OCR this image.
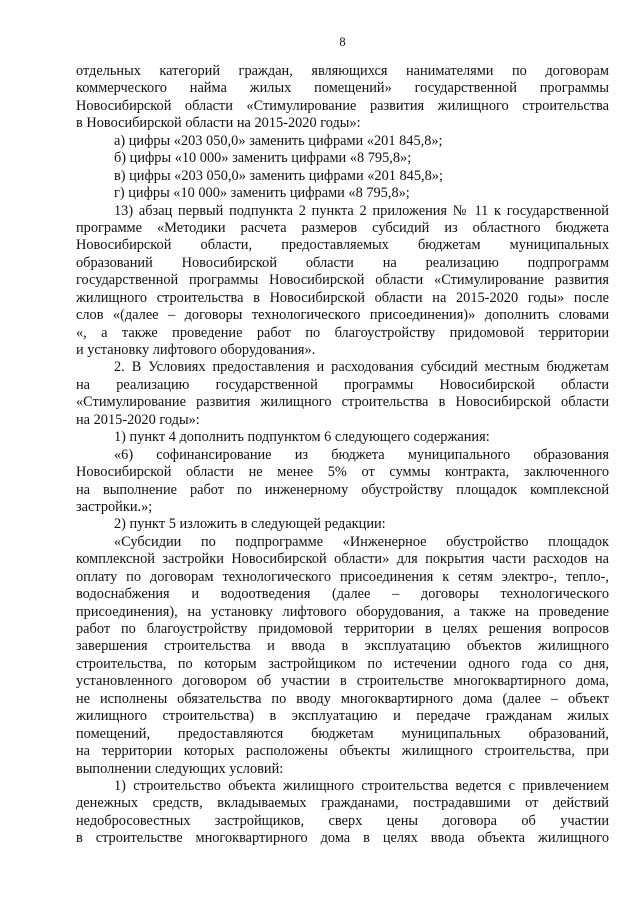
8
отдельных категорий граждан, являющихся нанимателями по договорам
коммерческого найма жилых помещений» государственной программы
Новосибирской области «Стимулирование развития жилищного строительства
в Новосибирской области на 2015-2020 годы»:
а) цифры «203 050,0» заменить цифрами «201 845,8»;
б) цифры «10 000» заменить цифрами «8 795,8»;
в) цифры «203 050,0» заменить цифрами «201 845,8»;
г) цифры «10 000» заменить цифрами «8 795,8»;
13) абзац первый подпункта 2 пункта 2 приложения № 11 к государственной
программе «Методики расчета размеров субсидий из областного бюджета
Новосибирской области, предоставляемых бюджетам муниципальных
образований Новосибирской области на реализацию подпрограмм
государственной программы Новосибирской области «Стимулирование развития
жилищного строительства в Новосибирской области на 2015-2020 годы» после
слов «(далее – договоры технологического присоединения)» дополнить словами
«, а также проведение работ по благоустройству придомовой территории
и установку лифтового оборудования».
2. В Условиях предоставления и расходования субсидий местным бюджетам
на реализацию государственной программы Новосибирской области
«Стимулирование развития жилищного строительства в Новосибирской области
на 2015-2020 годы»:
1) пункт 4 дополнить подпунктом 6 следующего содержания:
«6) софинансирование из бюджета муниципального образования
Новосибирской области не менее 5% от суммы контракта, заключенного
на выполнение работ по инженерному обустройству площадок комплексной
застройки.»;
2) пункт 5 изложить в следующей редакции:
«Субсидии по подпрограмме «Инженерное обустройство площадок
комплексной застройки Новосибирской области» для покрытия части расходов на
оплату по договорам технологического присоединения к сетям электро-, тепло-,
водоснабжения и водоотведения (далее – договоры технологического
присоединения), на установку лифтового оборудования, а также на проведение
работ по благоустройству придомовой территории в целях решения вопросов
завершения строительства и ввода в эксплуатацию объектов жилищного
строительства, по которым застройщиком по истечении одного года со дня,
установленного договором об участии в строительстве многоквартирного дома,
не исполнены обязательства по вводу многоквартирного дома (далее – объект
жилищного строительства) в эксплуатацию и передаче гражданам жилых
помещений, предоставляются бюджетам муниципальных образований,
на территории которых расположены объекты жилищного строительства, при
выполнении следующих условий:
1) строительство объекта жилищного строительства ведется с привлечением
денежных средств, вкладываемых гражданами, пострадавшими от действий
недобросовестных застройщиков, сверх цены договора об участии
в строительстве многоквартирного дома в целях ввода объекта жилищного
